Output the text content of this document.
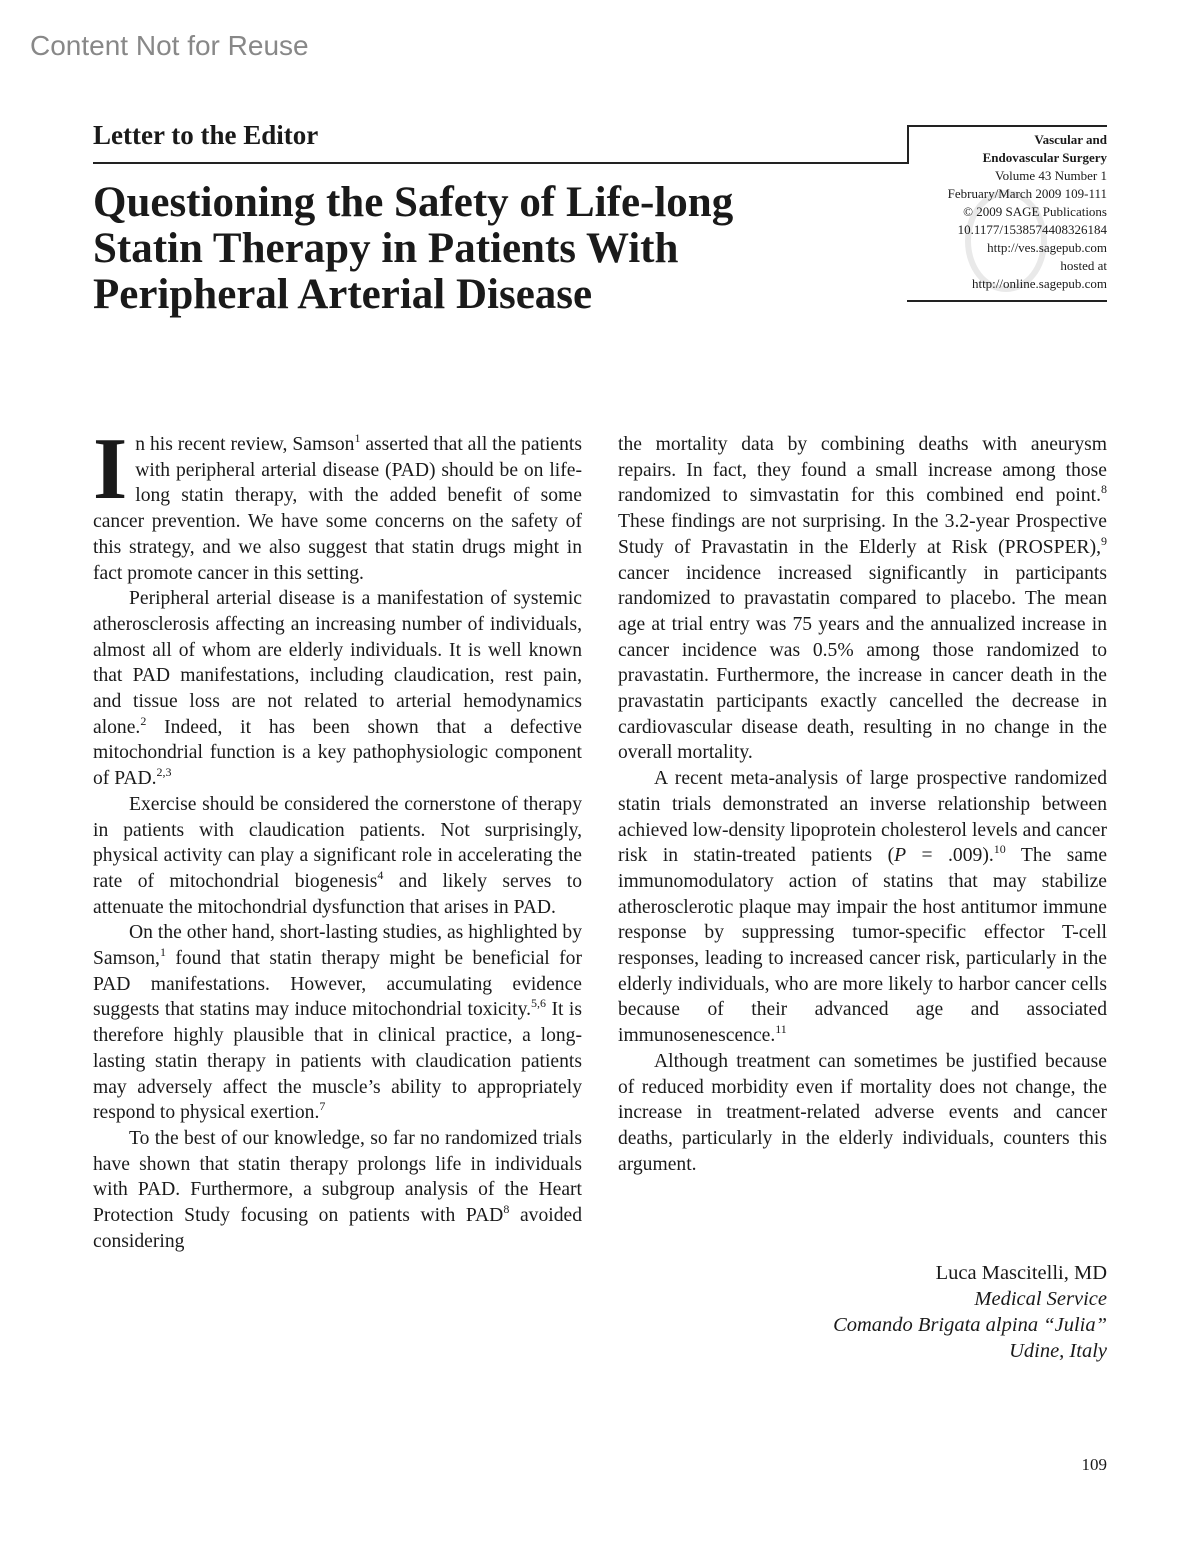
Content Not for Reuse
Letter to the Editor	Vascular and
Endovascular Surgery
Volume 43 Number 1
February/March 2009 109-111
© 2009 SAGE Publications
10.1177/1538574408326184
http://ves.sagepub.com
hosted at
http://online.sagepub.com
Questioning the Safety of Life-long Statin Therapy in Patients With Peripheral Arterial Disease

In his recent review, Samson$^1$ asserted that all the patients with peripheral arterial disease (PAD) should be on life-long statin therapy, with the added benefit of some cancer prevention. We have some concerns on the safety of this strategy, and we also suggest that statin drugs might in fact promote cancer in this setting.

Peripheral arterial disease is a manifestation of systemic atherosclerosis affecting an increasing number of individuals, almost all of whom are elderly individuals. It is well known that PAD manifestations, including claudication, rest pain, and tissue loss are not related to arterial hemodynamics alone.$^2$ Indeed, it has been shown that a defective mitochondrial function is a key pathophysiologic component of PAD.$^{2,3}$

Exercise should be considered the cornerstone of therapy in patients with claudication patients. Not surprisingly, physical activity can play a significant role in accelerating the rate of mitochondrial biogenesis$^4$ and likely serves to attenuate the mitochondrial dysfunction that arises in PAD.

On the other hand, short-lasting studies, as highlighted by Samson,$^1$ found that statin therapy might be beneficial for PAD manifestations. However, accumulating evidence suggests that statins may induce mitochondrial toxicity.$^{5,6}$ It is therefore highly plausible that in clinical practice, a long-lasting statin therapy in patients with claudication patients may adversely affect the muscle’s ability to appropriately respond to physical exertion.$^7$

To the best of our knowledge, so far no randomized trials have shown that statin therapy prolongs life in individuals with PAD. Furthermore, a subgroup analysis of the Heart Protection Study focusing on patients with PAD$^8$ avoided considering

the mortality data by combining deaths with aneurysm repairs. In fact, they found a small increase among those randomized to simvastatin for this combined end point.$^8$ These findings are not surprising. In the 3.2-year Prospective Study of Pravastatin in the Elderly at Risk (PROSPER),$^9$ cancer incidence increased significantly in participants randomized to pravastatin compared to placebo. The mean age at trial entry was 75 years and the annualized increase in cancer incidence was 0.5% among those randomized to pravastatin. Furthermore, the increase in cancer death in the pravastatin participants exactly cancelled the decrease in cardiovascular disease death, resulting in no change in the overall mortality.

A recent meta-analysis of large prospective randomized statin trials demonstrated an inverse relationship between achieved low-density lipoprotein cholesterol levels and cancer risk in statin-treated patients (P = .009).$^{10}$ The same immunomodulatory action of statins that may stabilize atherosclerotic plaque may impair the host antitumor immune response by suppressing tumor-specific effector T-cell responses, leading to increased cancer risk, particularly in the elderly individuals, who are more likely to harbor cancer cells because of their advanced age and associated immunosenescence.$^{11}$

Although treatment can sometimes be justified because of reduced morbidity even if mortality does not change, the increase in treatment-related adverse events and cancer deaths, particularly in the elderly individuals, counters this argument.

Luca Mascitelli, MD
Medical Service
Comando Brigata alpina “Julia”
Udine, Italy
109
